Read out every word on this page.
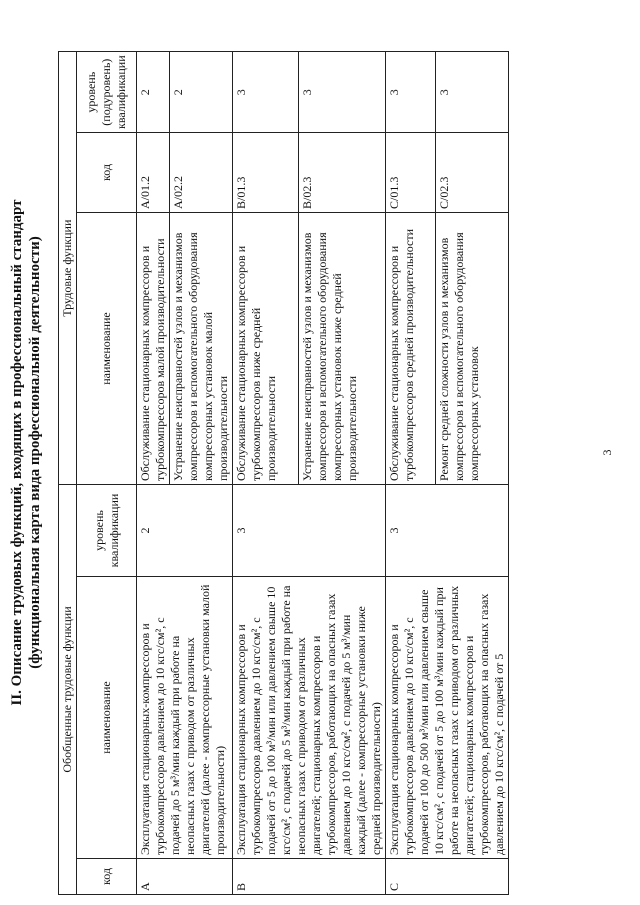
3
II. Описание трудовых функций, входящих в профессиональный стандарт (функциональная карта вида профессиональной деятельности)
Обобщенные трудовые функции			Трудовые функции		
код	наименование	уровень квалификации	наименование	код	уровень (подуровень) квалификации
A	Эксплуатация стационарных-компрессоров и турбокомпрессоров давлением до 10 кгс/см², с подачей до 5 м³/мин каждый при работе на неопасных газах с приводом от различных двигателей (далее - компрессорные установки малой производительности)	2	Обслуживание стационарных компрессоров и турбокомпрессоров малой производительности	A/01.2	2
			Устранение неисправностей узлов и механизмов компрессоров и вспомогательного оборудования компрессорных установок малой производительности	A/02.2	2
B	Эксплуатация стационарных компрессоров и турбокомпрессоров давлением до 10 кгс/см², с подачей от 5 до 100 м³/мин или давлением свыше 10 кгс/см², с подачей до 5 м³/мин каждый при работе на неопасных газах с приводом от различных двигателей; стационарных компрессоров и турбокомпрессоров, работающих на опасных газах давлением до 10 кгс/см², с подачей до 5 м³/мин каждый (далее - компрессорные установки ниже средней производительности)	3	Обслуживание стационарных компрессоров и турбокомпрессоров ниже средней производительности	B/01.3	3
			Устранение неисправностей узлов и механизмов компрессоров и вспомогательного оборудования компрессорных установок ниже средней производительности	B/02.3	3
C	Эксплуатация стационарных компрессоров и турбокомпрессоров давлением до 10 кгс/см², с подачей от 100 до 500 м³/мин или давлением свыше 10 кгс/см², с подачей от 5 до 100 м³/мин каждый при работе на неопасных газах с приводом от различных двигателей; стационарных компрессоров и турбокомпрессоров, работающих на опасных газах давлением до 10 кгс/см², с подачей от 5	3	Обслуживание стационарных компрессоров и турбокомпрессоров средней производительности	C/01.3	3
			Ремонт средней сложности узлов и механизмов компрессоров и вспомогательного оборудования компрессорных установок	C/02.3	3
